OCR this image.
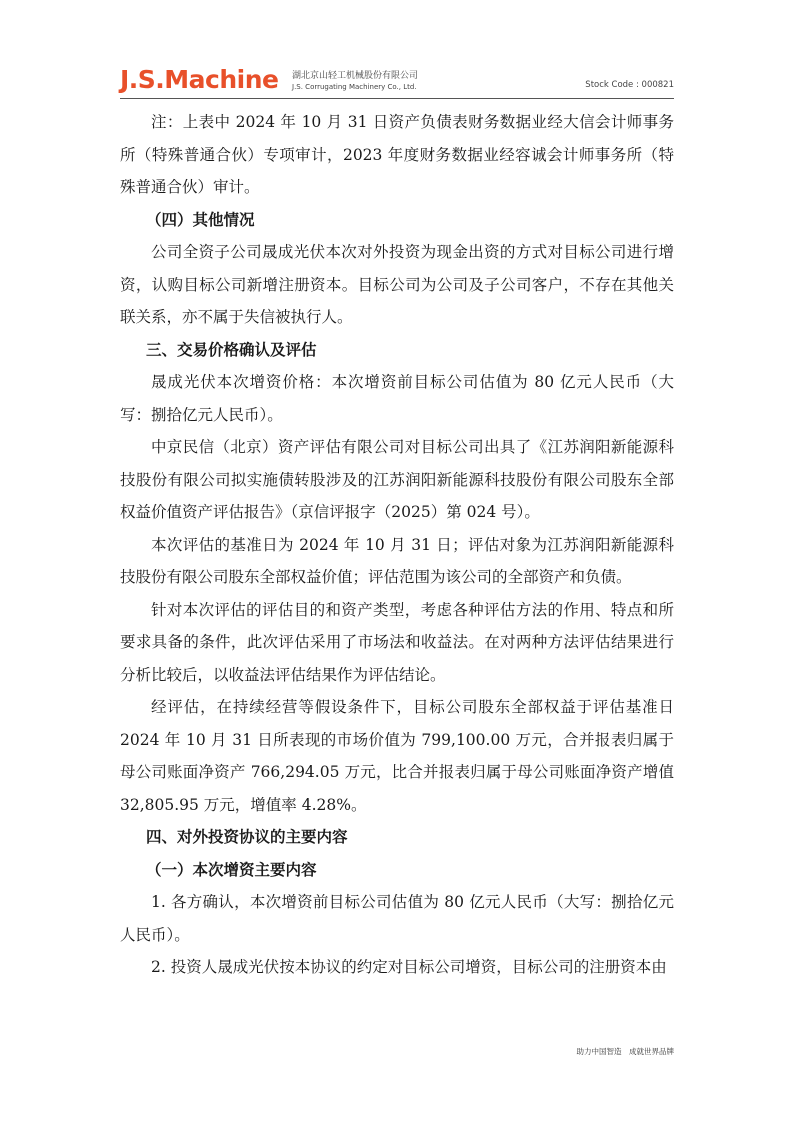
J.S.Machine 湖北京山轻工机械股份有限公司
J.S. Corrugating Machinery Co., Ltd.	Stock Code : 000821

注：上表中 2024 年 10 月 31 日资产负债表财务数据业经大信会计师事务所（特殊普通合伙）专项审计，2023 年度财务数据业经容诚会计师事务所（特殊普通合伙）审计。

（四）其他情况

公司全资子公司晟成光伏本次对外投资为现金出资的方式对目标公司进行增资，认购目标公司新增注册资本。目标公司为公司及子公司客户，不存在其他关联关系，亦不属于失信被执行人。

三、交易价格确认及评估

晟成光伏本次增资价格：本次增资前目标公司估值为 80 亿元人民币（大写：捌拾亿元人民币）。

中京民信（北京）资产评估有限公司对目标公司出具了《江苏润阳新能源科技股份有限公司拟实施债转股涉及的江苏润阳新能源科技股份有限公司股东全部权益价值资产评估报告》（京信评报字（2025）第 024 号）。

本次评估的基准日为 2024 年 10 月 31 日；评估对象为江苏润阳新能源科技股份有限公司股东全部权益价值；评估范围为该公司的全部资产和负债。

针对本次评估的评估目的和资产类型，考虑各种评估方法的作用、特点和所要求具备的条件，此次评估采用了市场法和收益法。在对两种方法评估结果进行分析比较后，以收益法评估结果作为评估结论。

经评估，在持续经营等假设条件下，目标公司股东全部权益于评估基准日 2024 年 10 月 31 日所表现的市场价值为 799,100.00 万元，合并报表归属于母公司账面净资产 766,294.05 万元，比合并报表归属于母公司账面净资产增值 32,805.95 万元，增值率 4.28%。

四、对外投资协议的主要内容

（一）本次增资主要内容

1. 各方确认，本次增资前目标公司估值为 80 亿元人民币（大写：捌拾亿元人民币）。

2. 投资人晟成光伏按本协议的约定对目标公司增资，目标公司的注册资本由

助力中国智造　成就世界品牌
